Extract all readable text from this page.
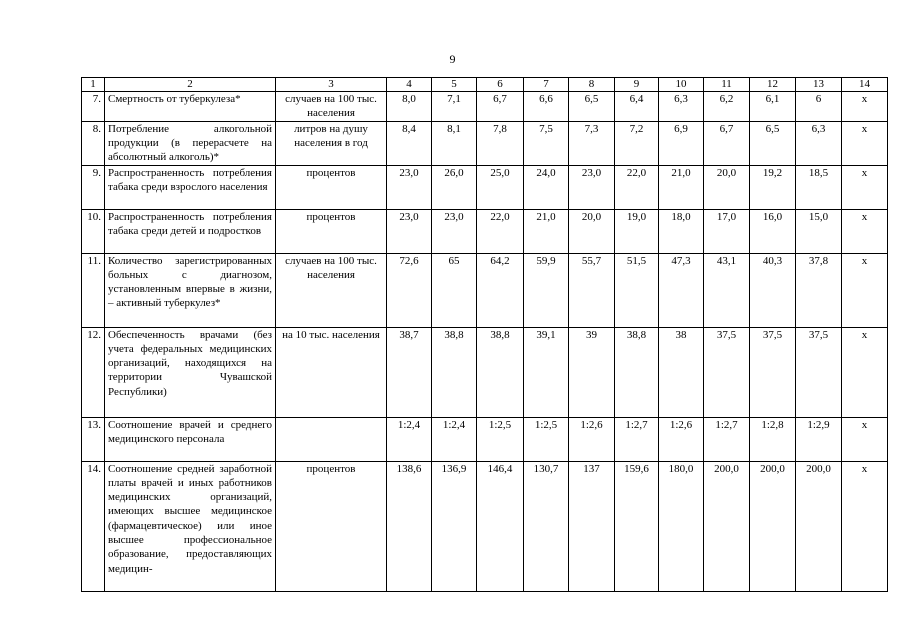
9
1	2	3	4	5	6	7	8	9	10	11	12	13	14
7.	Смертность от туберкулеза*	случаев на 100 тыс. населения	8,0	7,1	6,7	6,6	6,5	6,4	6,3	6,2	6,1	6	х
8.	Потребление алкогольной продукции (в перерасчете на абсолютный алкоголь)*	литров на душу населения в год	8,4	8,1	7,8	7,5	7,3	7,2	6,9	6,7	6,5	6,3	х
9.	Распространенность потребления табака среди взрослого населения	процентов	23,0	26,0	25,0	24,0	23,0	22,0	21,0	20,0	19,2	18,5	х
10.	Распространенность потребления табака среди детей и подростков	процентов	23,0	23,0	22,0	21,0	20,0	19,0	18,0	17,0	16,0	15,0	х
11.	Количество зарегистрированных больных с диагнозом, установленным впервые в жизни, – активный туберкулез*	случаев на 100 тыс. населения	72,6	65	64,2	59,9	55,7	51,5	47,3	43,1	40,3	37,8	х
12.	Обеспеченность врачами (без учета федеральных медицинских организаций, находящихся на территории Чувашской Республики)	на 10 тыс. населения	38,7	38,8	38,8	39,1	39	38,8	38	37,5	37,5	37,5	х
13.	Соотношение врачей и среднего медицинского персонала		1:2,4	1:2,4	1:2,5	1:2,5	1:2,6	1:2,7	1:2,6	1:2,7	1:2,8	1:2,9	х
14.	Соотношение средней заработной платы врачей и иных работников медицинских организаций, имеющих высшее медицинское (фармацевтическое) или иное высшее профессиональное образование, предоставляющих медицин-	процентов	138,6	136,9	146,4	130,7	137	159,6	180,0	200,0	200,0	200,0	х
